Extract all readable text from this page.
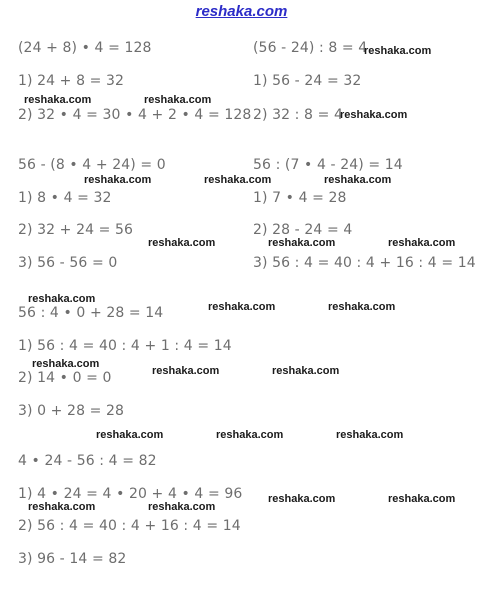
reshaka.com
(24 + 8) • 4 = 128
1) 24 + 8 = 32
2) 32 • 4 = 30 • 4 + 2 • 4 = 128
56 - (8 • 4 + 24) = 0
1) 8 • 4 = 32
2) 32 + 24 = 56
3) 56 - 56 = 0
56 : 4 • 0 + 28 = 14
1) 56 : 4 = 40 : 4 + 1 : 4 = 14
2) 14 • 0 = 0
3) 0 + 28 = 28
4 • 24 - 56 : 4 = 82
1) 4 • 24 = 4 • 20 + 4 • 4 = 96
2) 56 : 4 = 40 : 4 + 16 : 4 = 14
3) 96 - 14 = 82
(56 - 24) : 8 = 4
1) 56 - 24 = 32
2) 32 : 8 = 4
56 : (7 • 4 - 24) = 14
1) 7 • 4 = 28
2) 28 - 24 = 4
3) 56 : 4 = 40 : 4 + 16 : 4 = 14
reshaka.com
reshaka.com	reshaka.com
reshaka.com
reshaka.com	reshaka.com	reshaka.com
reshaka.com	reshaka.com	reshaka.com
reshaka.com
reshaka.com	reshaka.com
reshaka.com
reshaka.com	reshaka.com
reshaka.com	reshaka.com	reshaka.com
reshaka.com	reshaka.com
reshaka.com	reshaka.com
